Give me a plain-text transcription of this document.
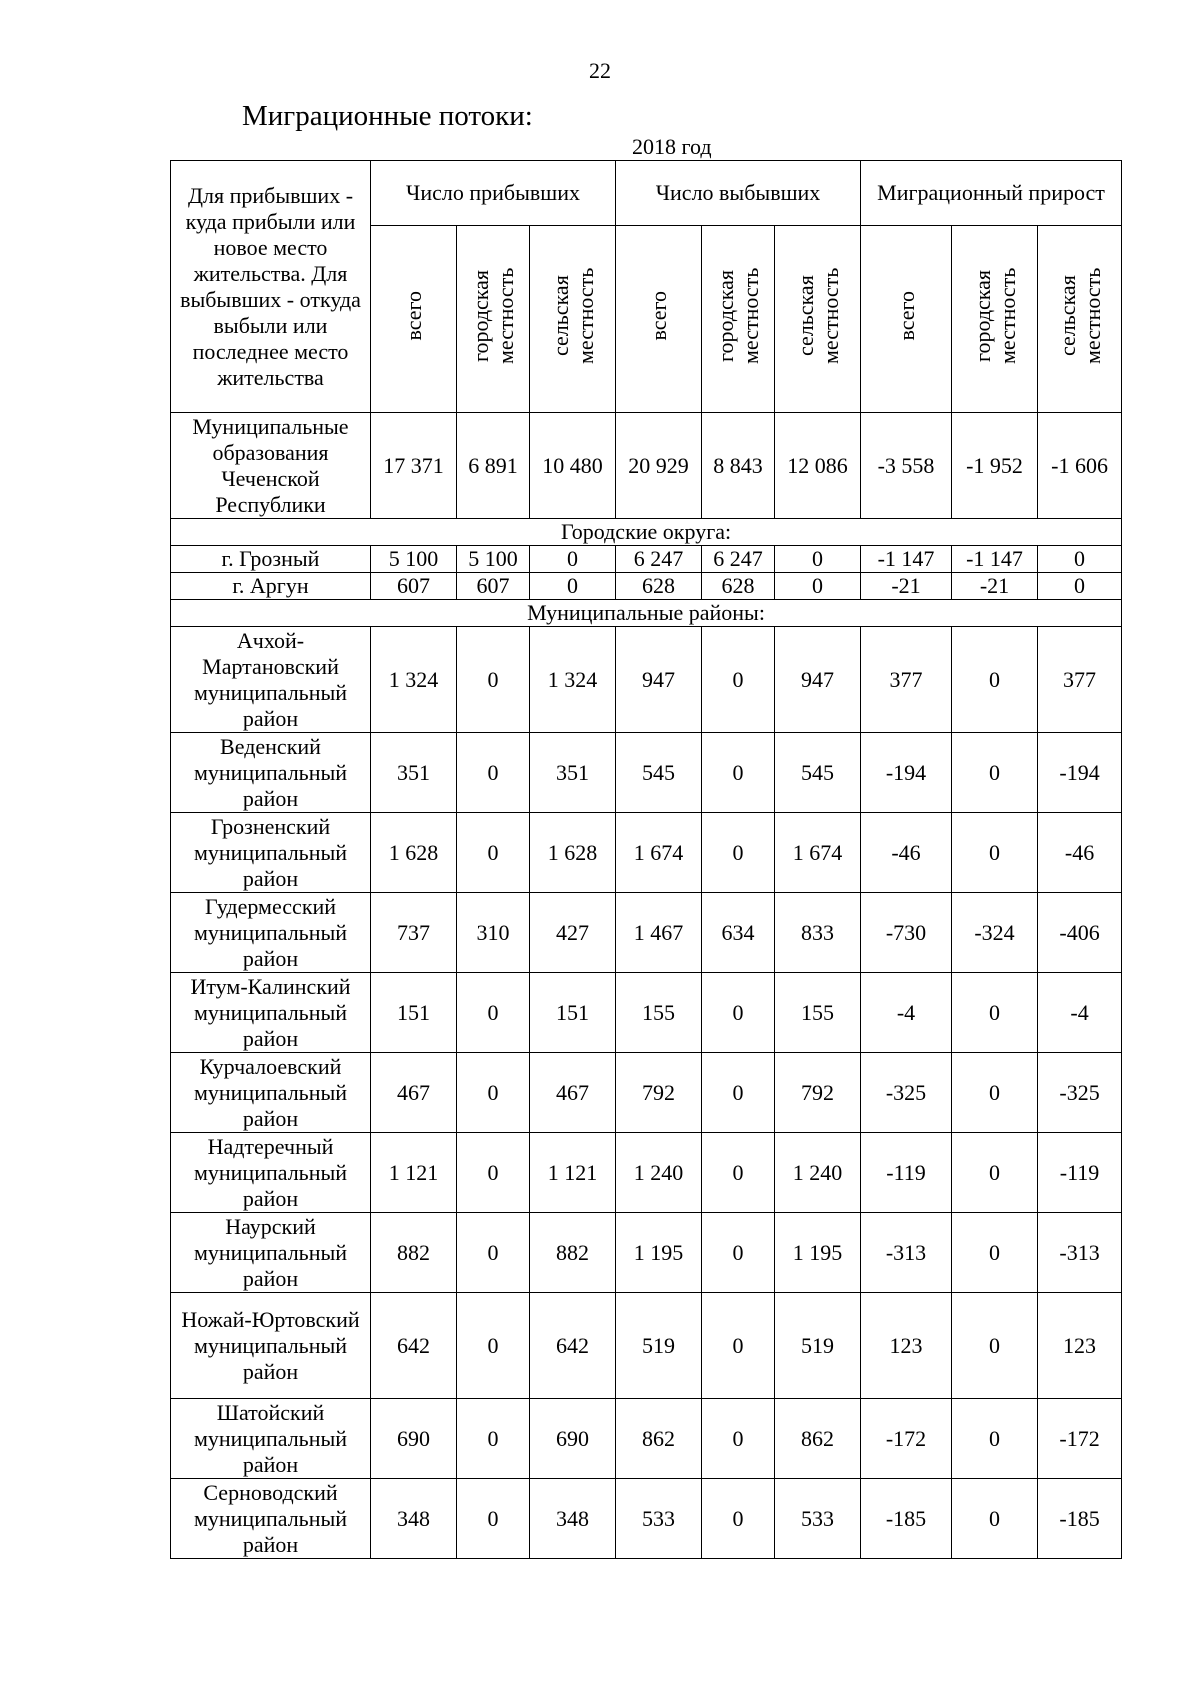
22
Миграционные потоки:
2018 год
Для прибывших - куда прибыли или новое место жительства. Для выбывших - откуда выбыли или последнее место жительства	Число прибывших			Число выбывших			Миграционный прирост		
	всего	городская местность	сельская местность	всего	городская местность	сельская местность	всего	городская местность	сельская местность
Муниципальные образования Чеченской Республики	17 371	6 891	10 480	20 929	8 843	12 086	-3 558	-1 952	-1 606
Городские округа:									
г. Грозный	5 100	5 100	0	6 247	6 247	0	-1 147	-1 147	0
г. Аргун	607	607	0	628	628	0	-21	-21	0
Муниципальные районы:									
Ачхой-Мартановский муниципальный район	1 324	0	1 324	947	0	947	377	0	377
Веденский муниципальный район	351	0	351	545	0	545	-194	0	-194
Грозненский муниципальный район	1 628	0	1 628	1 674	0	1 674	-46	0	-46
Гудермесский муниципальный район	737	310	427	1 467	634	833	-730	-324	-406
Итум-Калинский муниципальный район	151	0	151	155	0	155	-4	0	-4
Курчалоевский муниципальный район	467	0	467	792	0	792	-325	0	-325
Надтеречный муниципальный район	1 121	0	1 121	1 240	0	1 240	-119	0	-119
Наурский муниципальный район	882	0	882	1 195	0	1 195	-313	0	-313
Ножай-Юртовский муниципальный район	642	0	642	519	0	519	123	0	123
Шатойский муниципальный район	690	0	690	862	0	862	-172	0	-172
Серноводский муниципальный район	348	0	348	533	0	533	-185	0	-185
